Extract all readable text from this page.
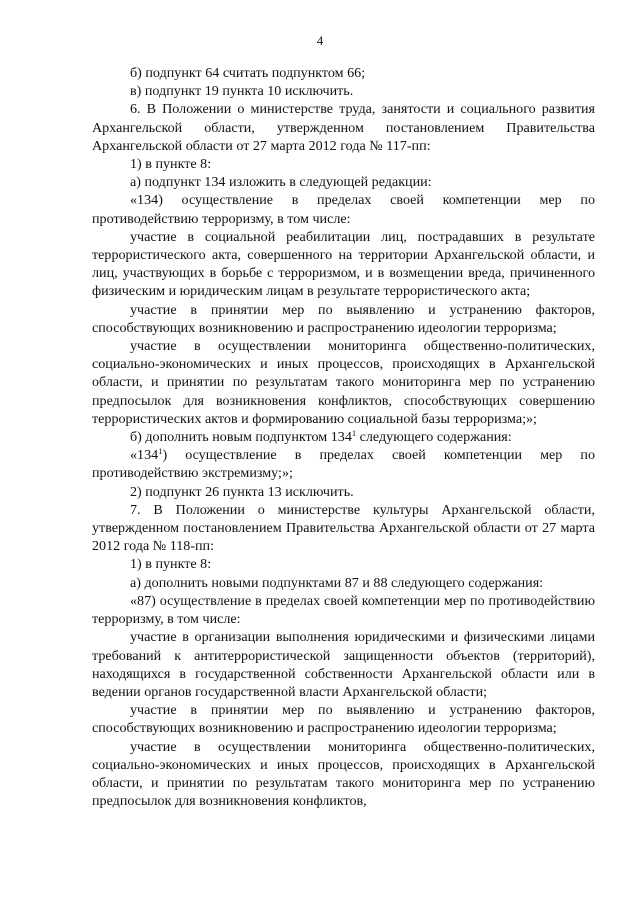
4

б) подпункт 64 считать подпунктом 66;

в) подпункт 19 пункта 10 исключить.

6. В Положении о министерстве труда, занятости и социального развития Архангельской области, утвержденном постановлением Правительства Архангельской области от 27 марта 2012 года № 117-пп:

1) в пункте 8:

а) подпункт 134 изложить в следующей редакции:

«134) осуществление в пределах своей компетенции мер по противодействию терроризму, в том числе:

участие в социальной реабилитации лиц, пострадавших в результате террористического акта, совершенного на территории Архангельской области, и лиц, участвующих в борьбе с терроризмом, и в возмещении вреда, причиненного физическим и юридическим лицам в результате террористического акта;

участие в принятии мер по выявлению и устранению факторов, способствующих возникновению и распространению идеологии терроризма;

участие в осуществлении мониторинга общественно-политических, социально-экономических и иных процессов, происходящих в Архангельской области, и принятии по результатам такого мониторинга мер по устранению предпосылок для возникновения конфликтов, способствующих совершению террористических актов и формированию социальной базы терроризма;»;

б) дополнить новым подпунктом $134^1$ следующего содержания:

«$134^1$) осуществление в пределах своей компетенции мер по противодействию экстремизму;»;

2) подпункт 26 пункта 13 исключить.

7. В Положении о министерстве культуры Архангельской области, утвержденном постановлением Правительства Архангельской области от 27 марта 2012 года № 118-пп:

1) в пункте 8:

а) дополнить новыми подпунктами 87 и 88 следующего содержания:

«87) осуществление в пределах своей компетенции мер по противодействию терроризму, в том числе:

участие в организации выполнения юридическими и физическими лицами требований к антитеррористической защищенности объектов (территорий), находящихся в государственной собственности Архангельской области или в ведении органов государственной власти Архангельской области;

участие в принятии мер по выявлению и устранению факторов, способствующих возникновению и распространению идеологии терроризма;

участие в осуществлении мониторинга общественно-политических, социально-экономических и иных процессов, происходящих в Архангельской области, и принятии по результатам такого мониторинга мер по устранению предпосылок для возникновения конфликтов,
